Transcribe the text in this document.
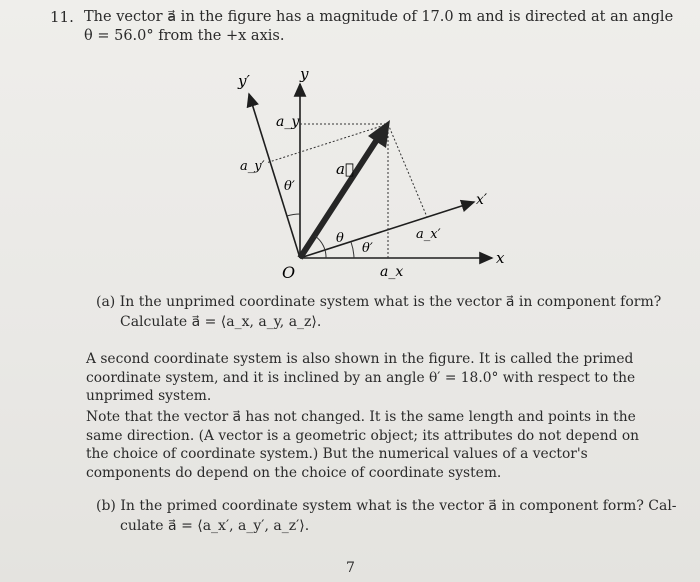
11. The vector a⃗ in the figure has a magnitude of 17.0 m and is directed at an angle
θ = 56.0° from the +x axis.
y′	y
a_y
a_y′
θ′
a⃗
θ
θ′
a_x′
x′
O	a_x
x
(a) In the unprimed coordinate system what is the vector a⃗ in component form?
Calculate a⃗ = ⟨a_x, a_y, a_z⟩.
A second coordinate system is also shown in the figure. It is called the primed coordinate system, and it is inclined by an angle θ′ = 18.0° with respect to the unprimed system.
Note that the vector a⃗ has not changed. It is the same length and points in the same direction. (A vector is a geometric object; its attributes do not depend on the choice of coordinate system.) But the numerical values of a vector's components do depend on the choice of coordinate system.
(b) In the primed coordinate system what is the vector a⃗ in component form? Cal-
culate a⃗ = ⟨a_x′, a_y′, a_z′⟩.
7
